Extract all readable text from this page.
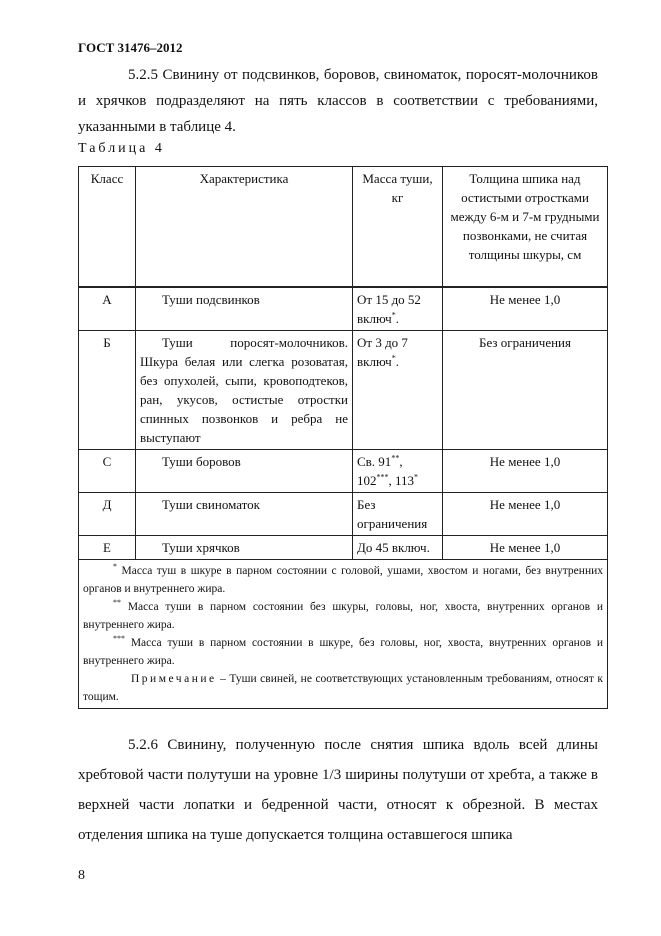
ГОСТ 31476–2012
5.2.5 Свинину от подсвинков, боровов, свиноматок, поросят-молочников и хрячков подразделяют на пять классов в соответствии с требованиями, указанными в таблице 4.
Таблица 4
Класс	Характеристика	Масса туши, кг	Толщина шпика над остистыми отростками между 6-м и 7-м грудными позвонками, не считая толщины шкуры, см
А	Туши подсвинков	От 15 до 52 включ*.	Не менее 1,0
Б	Туши поросят-молочников. Шкура белая или слегка розоватая, без опухолей, сыпи, кровоподтеков, ран, укусов, остистые отростки спинных позвонков и ребра не выступают	От 3 до 7 включ*.	Без ограничения
С	Туши боровов	Св. 91**, 102***, 113*	Не менее 1,0
Д	Туши свиноматок	Без ограничения	Не менее 1,0
Е	Туши хрячков	До 45 включ.	Не менее 1,0

* Масса туш в шкуре в парном состоянии с головой, ушами, хвостом и ногами, без внутренних органов и внутреннего жира.
** Масса туши в парном состоянии без шкуры, головы, ног, хвоста, внутренних органов и внутреннего жира.
*** Масса туши в парном состоянии в шкуре, без головы, ног, хвоста, внутренних органов и внутреннего жира.
Примечание – Туши свиней, не соответствующих установленным требованиям, относят к тощим.			
5.2.6 Свинину, полученную после снятия шпика вдоль всей длины хребтовой части полутуши на уровне 1/3 ширины полутуши от хребта, а также в верхней части лопатки и бедренной части, относят к обрезной. В местах отделения шпика на туше допускается толщина оставшегося шпика
8
